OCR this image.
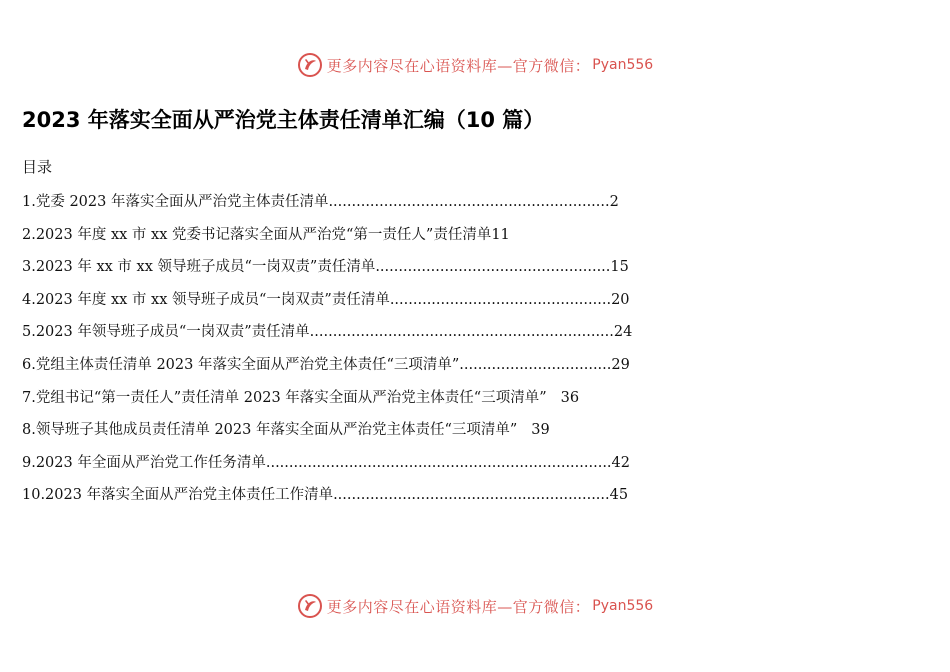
更多内容尽在心语资料库—官方微信： Pyan556
2023 年落实全面从严治党主体责任清单汇编（10 篇）
目录
1.党委 2023 年落实全面从严治党主体责任清单 ............................................................. 2
2.2023 年度 xx 市 xx 党委书记落实全面从严治党“第一责任人”责任清单 11
3.2023 年 xx 市 xx 领导班子成员“一岗双责”责任清单 ................................................... 15
4.2023 年度 xx 市 xx 领导班子成员“一岗双责”责任清单 ................................................ 20
5.2023 年领导班子成员“一岗双责”责任清单 .................................................................. 24
6.党组主体责任清单 2023 年落实全面从严治党主体责任“三项清单” ................................. 29
7.党组书记“第一责任人”责任清单 2023 年落实全面从严治党主体责任“三项清单” 36
8.领导班子其他成员责任清单 2023 年落实全面从严治党主体责任“三项清单” 39
9.2023 年全面从严治党工作任务清单 ........................................................................... 42
10.2023 年落实全面从严治党主体责任工作清单 ............................................................ 45
更多内容尽在心语资料库—官方微信： Pyan556
